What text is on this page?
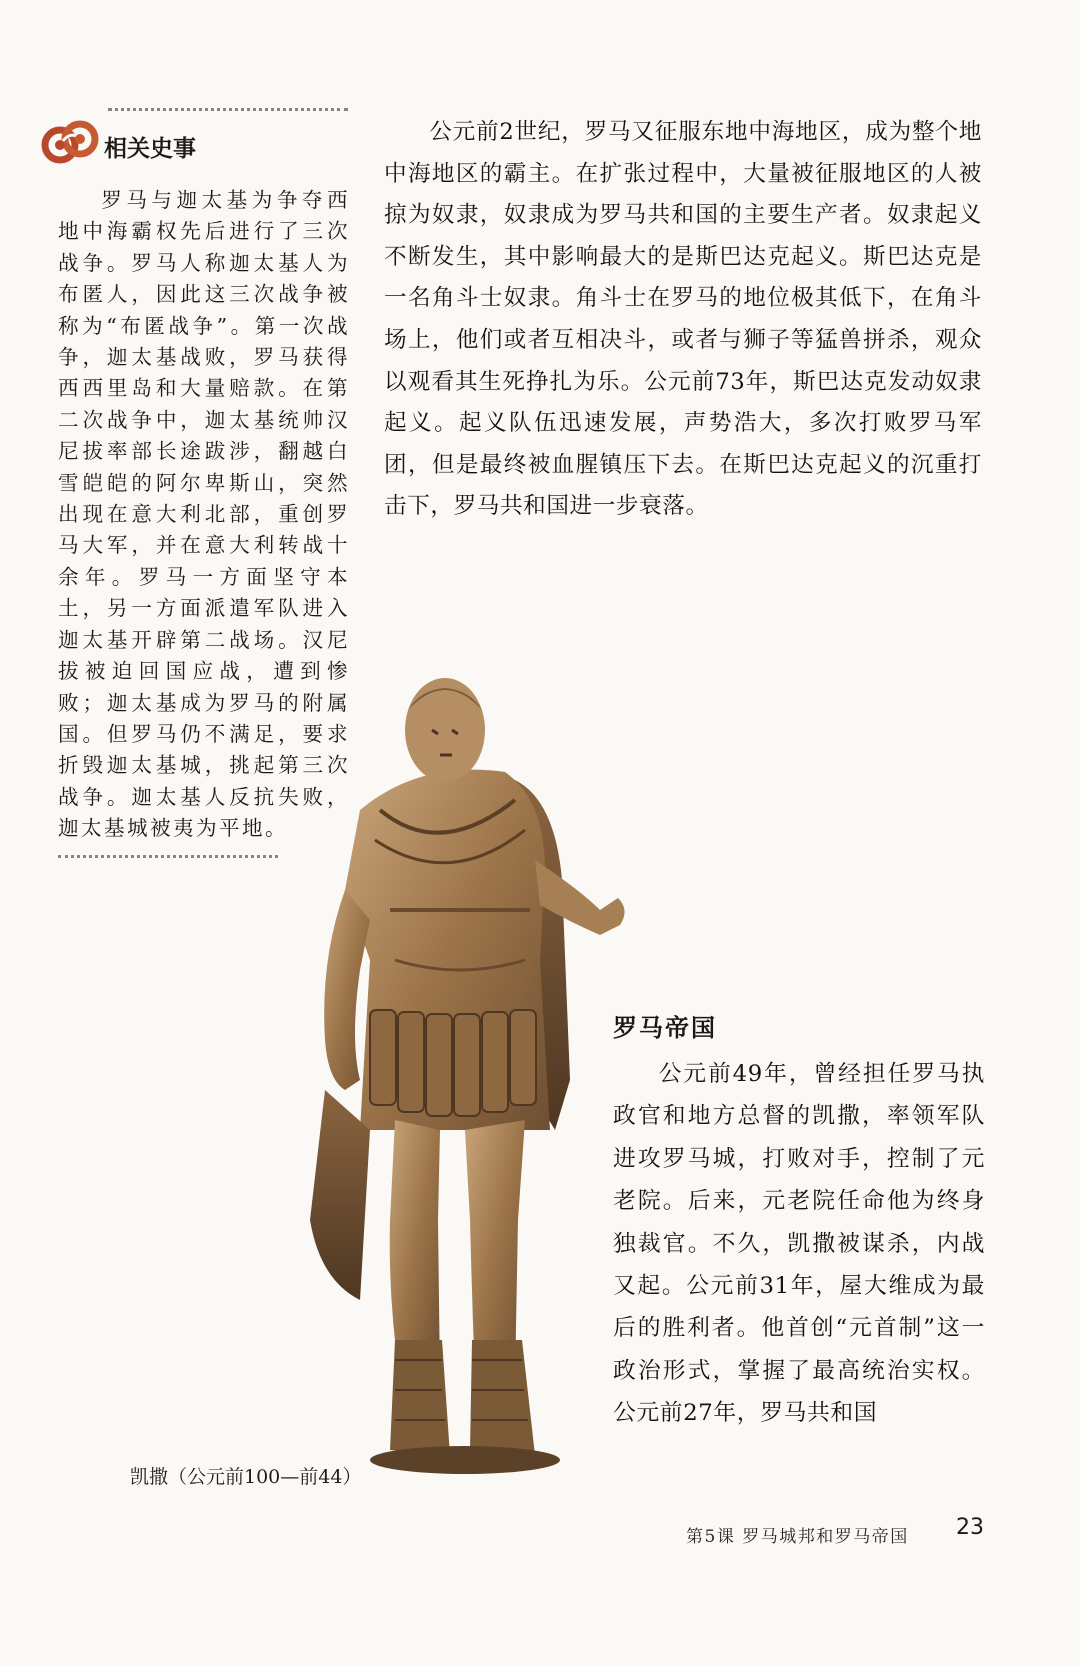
相关史事
罗马与迦太基为争夺西地中海霸权先后进行了三次战争。罗马人称迦太基人为布匿人，因此这三次战争被称为“布匿战争”。第一次战争，迦太基战败，罗马获得西西里岛和大量赔款。在第二次战争中，迦太基统帅汉尼拔率部长途跋涉，翻越白雪皑皑的阿尔卑斯山，突然出现在意大利北部，重创罗马大军，并在意大利转战十余年。罗马一方面坚守本土，另一方面派遣军队进入迦太基开辟第二战场。汉尼拔被迫回国应战，遭到惨败；迦太基成为罗马的附属国。但罗马仍不满足，要求折毁迦太基城，挑起第三次战争。迦太基人反抗失败，迦太基城被夷为平地。
公元前2世纪，罗马又征服东地中海地区，成为整个地中海地区的霸主。在扩张过程中，大量被征服地区的人被掠为奴隶，奴隶成为罗马共和国的主要生产者。奴隶起义不断发生，其中影响最大的是斯巴达克起义。斯巴达克是一名角斗士奴隶。角斗士在罗马的地位极其低下，在角斗场上，他们或者互相决斗，或者与狮子等猛兽拼杀，观众以观看其生死挣扎为乐。公元前73年，斯巴达克发动奴隶起义。起义队伍迅速发展，声势浩大，多次打败罗马军团，但是最终被血腥镇压下去。在斯巴达克起义的沉重打击下，罗马共和国进一步衰落。
凯撒（公元前100—前44）
罗马帝国
公元前49年，曾经担任罗马执政官和地方总督的凯撒，率领军队进攻罗马城，打败对手，控制了元老院。后来，元老院任命他为终身独裁官。不久，凯撒被谋杀，内战又起。公元前31年，屋大维成为最后的胜利者。他首创“元首制”这一政治形式，掌握了最高统治实权。公元前27年，罗马共和国
第5课 罗马城邦和罗马帝国 23
